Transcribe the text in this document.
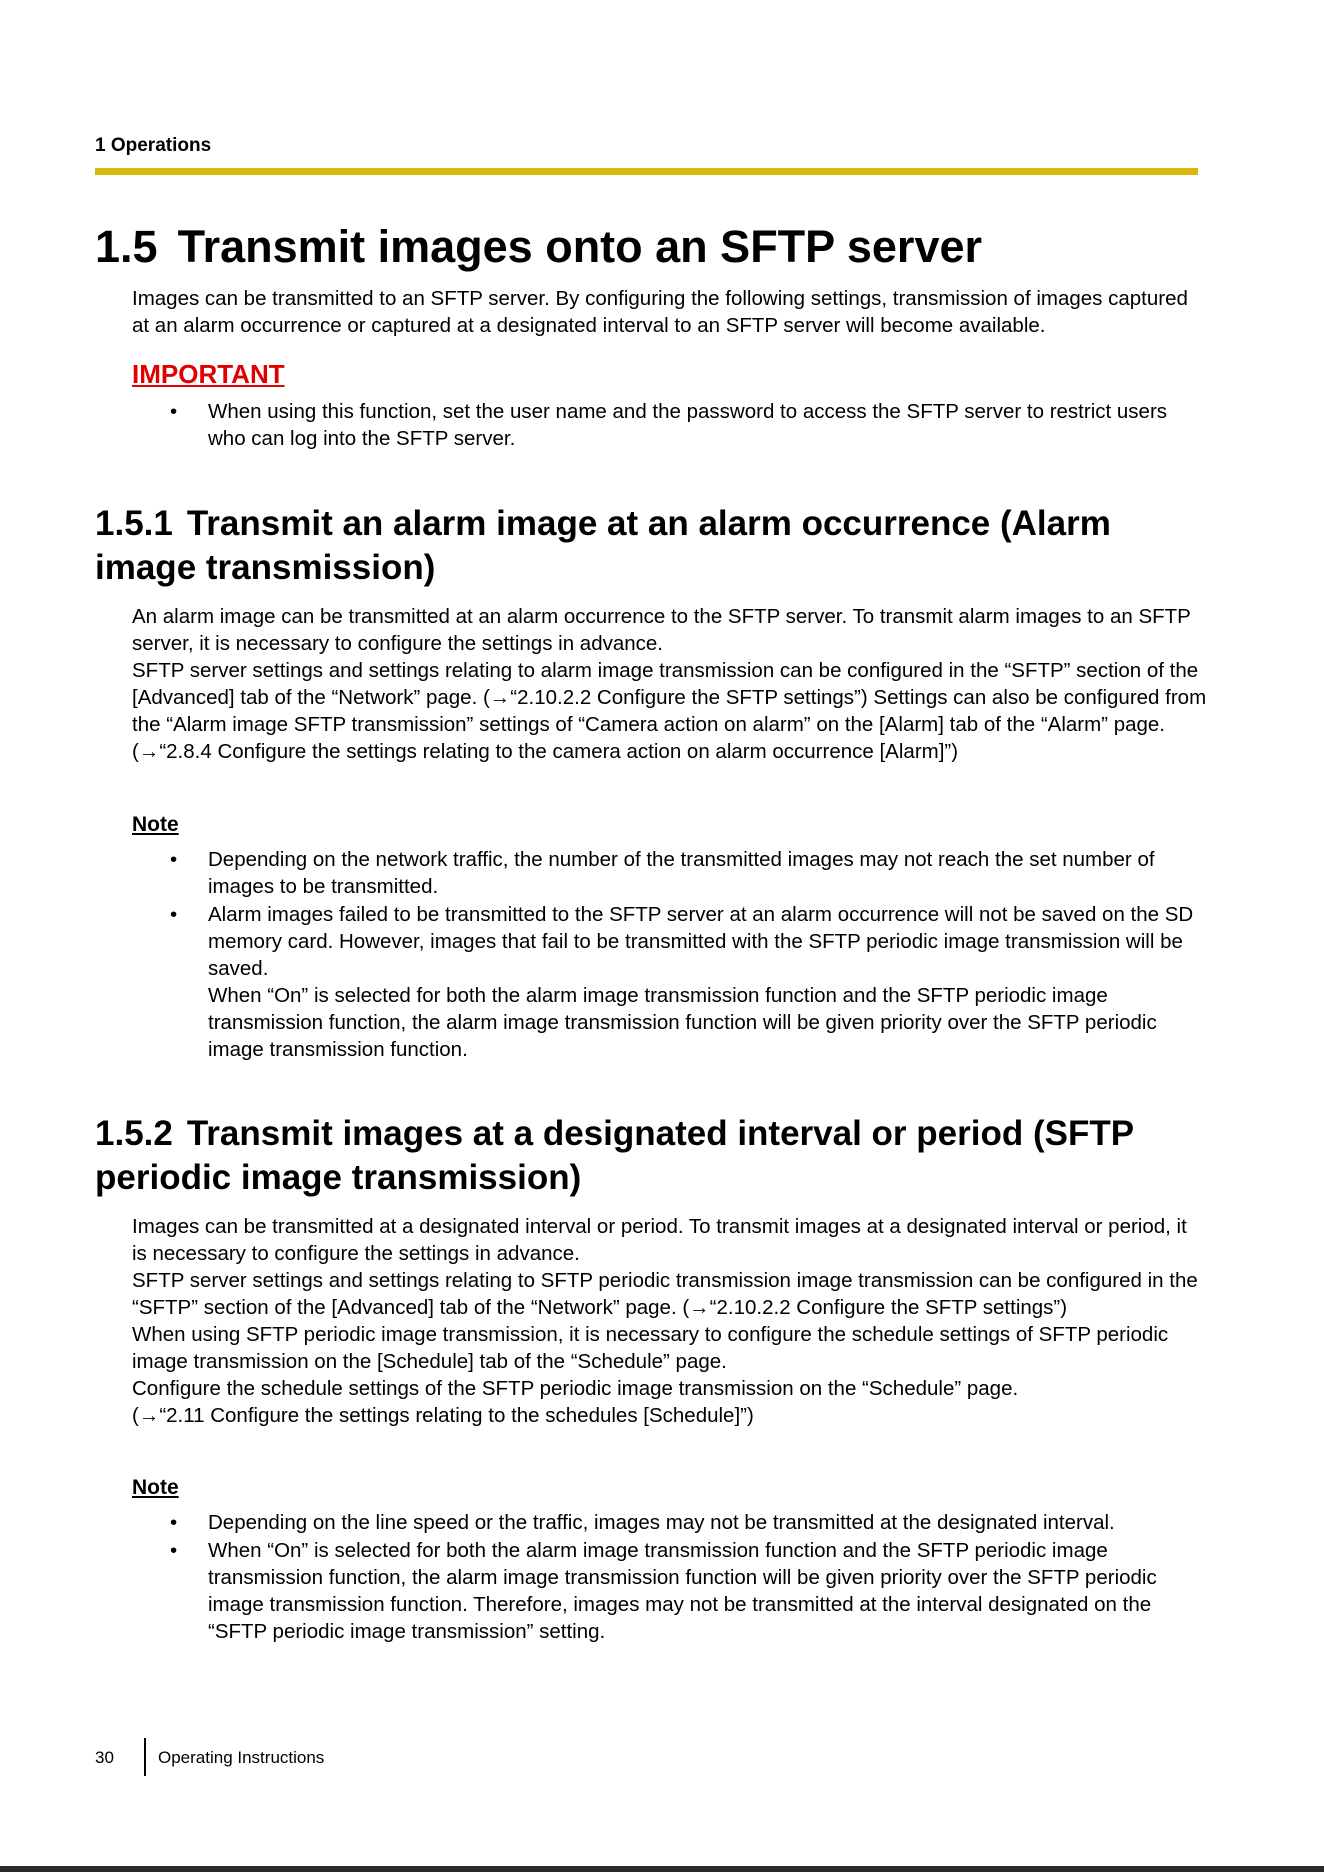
1 Operations
1.5 Transmit images onto an SFTP server

Images can be transmitted to an SFTP server. By configuring the following settings, transmission of images captured at an alarm occurrence or captured at a designated interval to an SFTP server will become available.

IMPORTANT
• When using this function, set the user name and the password to access the SFTP server to restrict users who can log into the SFTP server.

1.5.1 Transmit an alarm image at an alarm occurrence (Alarm image transmission)

An alarm image can be transmitted at an alarm occurrence to the SFTP server. To transmit alarm images to an SFTP server, it is necessary to configure the settings in advance.

SFTP server settings and settings relating to alarm image transmission can be configured in the “SFTP” section of the [Advanced] tab of the “Network” page. (→“2.10.2.2 Configure the SFTP settings”) Settings can also be configured from the “Alarm image SFTP transmission” settings of “Camera action on alarm” on the [Alarm] tab of the “Alarm” page. (→“2.8.4 Configure the settings relating to the camera action on alarm occurrence [Alarm]”)

Note
• Depending on the network traffic, the number of the transmitted images may not reach the set number of images to be transmitted.

• Alarm images failed to be transmitted to the SFTP server at an alarm occurrence will not be saved on the SD memory card. However, images that fail to be transmitted with the SFTP periodic image transmission will be saved.

When “On” is selected for both the alarm image transmission function and the SFTP periodic image transmission function, the alarm image transmission function will be given priority over the SFTP periodic image transmission function.

1.5.2 Transmit images at a designated interval or period (SFTP periodic image transmission)

Images can be transmitted at a designated interval or period. To transmit images at a designated interval or period, it is necessary to configure the settings in advance.

SFTP server settings and settings relating to SFTP periodic transmission image transmission can be configured in the “SFTP” section of the [Advanced] tab of the “Network” page. (→“2.10.2.2 Configure the SFTP settings”)

When using SFTP periodic image transmission, it is necessary to configure the schedule settings of SFTP periodic image transmission on the [Schedule] tab of the “Schedule” page.

Configure the schedule settings of the SFTP periodic image transmission on the “Schedule” page.

(→“2.11 Configure the settings relating to the schedules [Schedule]”)

Note
• Depending on the line speed or the traffic, images may not be transmitted at the designated interval.

• When “On” is selected for both the alarm image transmission function and the SFTP periodic image transmission function, the alarm image transmission function will be given priority over the SFTP periodic image transmission function. Therefore, images may not be transmitted at the interval designated on the “SFTP periodic image transmission” setting.

30	Operating Instructions
